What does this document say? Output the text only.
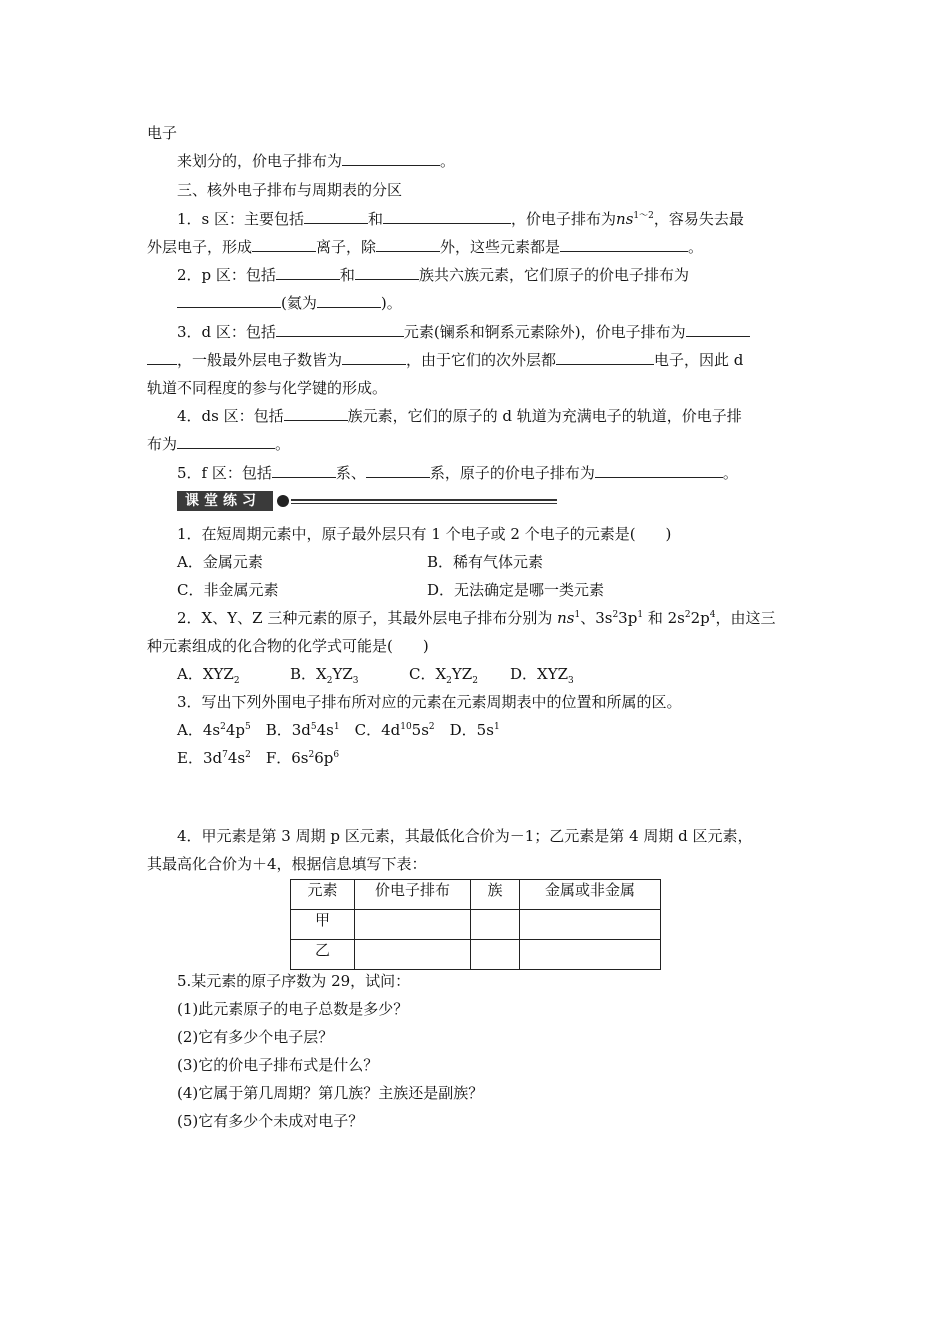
电子
来划分的，价电子排布为	。
三、核外电子排布与周期表的分区
1．s 区：主要包括	和	，价电子排布为$ns^{1\sim 2}$，容易失去最
外层电子，形成	离子，除	外，这些元素都是	。
2．p 区：包括	和	族共六族元素，它们原子的价电子排布为
(氦为	)。
3．d 区：包括	元素(镧系和锕系元素除外)，价电子排布为
，一般最外层电子数皆为	，由于它们的次外层都	电子，因此 d
轨道不同程度的参与化学键的形成。
4．ds 区：包括	族元素，它们的原子的 d 轨道为充满电子的轨道，价电子排
布为	。
5．f 区：包括	系、	系，原子的价电子排布为	。
课堂练习
1．在短周期元素中，原子最外层只有 1 个电子或 2 个电子的元素是(　　)
A．金属元素	B．稀有气体元素
C．非金属元素	D．无法确定是哪一类元素
2．X、Y、Z 三种元素的原子，其最外层电子排布分别为 $ns^1$、$3s^23p^1$ 和 $2s^22p^4$，由这三
种元素组成的化合物的化学式可能是(　　)
A．$XYZ_2$	B．$X_2YZ_3$	C．$X_2YZ_2$ D．$XYZ_3$
3．写出下列外围电子排布所对应的元素在元素周期表中的位置和所属的区。
A．$4s^24p^5$　B．$3d^54s^1$　C．$4d^{10}5s^2$　D．$5s^1$
E．$3d^74s^2$　F．$6s^26p^6$
4．甲元素是第 3 周期 p 区元素，其最低化合价为－1；乙元素是第 4 周期 d 区元素，
其最高化合价为＋4，根据信息填写下表：
元素	价电子排布	族	金属或非金属
甲			
乙			
5.某元素的原子序数为 29，试问：
(1)此元素原子的电子总数是多少？
(2)它有多少个电子层？
(3)它的价电子排布式是什么？
(4)它属于第几周期？第几族？主族还是副族？
(5)它有多少个未成对电子？
